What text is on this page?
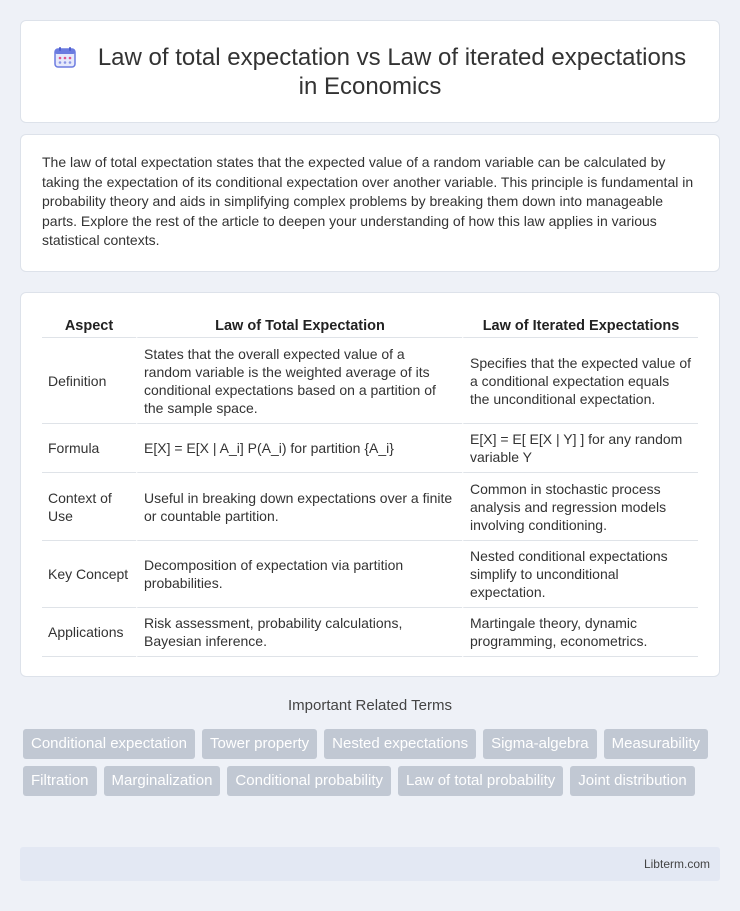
Law of total expectation vs Law of iterated expectations
in Economics

The law of total expectation states that the expected value of a random variable can be calculated by taking the expectation of its conditional expectation over another variable. This principle is fundamental in probability theory and aids in simplifying complex problems by breaking them down into manageable parts. Explore the rest of the article to deepen your understanding of how this law applies in various statistical contexts.

Aspect	Law of Total Expectation	Law of Iterated Expectations
Definition	States that the overall expected value of a random variable is the weighted average of its conditional expectations based on a partition of the sample space.	Specifies that the expected value of a conditional expectation equals the unconditional expectation.
Formula	E[X] = E[X | A_i] P(A_i) for partition {A_i}	E[X] = E[ E[X | Y] ] for any random variable Y
Context of Use	Useful in breaking down expectations over a finite or countable partition.	Common in stochastic process analysis and regression models involving conditioning.
Key Concept	Decomposition of expectation via partition probabilities.	Nested conditional expectations simplify to unconditional expectation.
Applications	Risk assessment, probability calculations, Bayesian inference.	Martingale theory, dynamic programming, econometrics.
Important Related Terms
Conditional expectation	Tower property	Nested expectations	Sigma-algebra	Measurability
Filtration	Marginalization	Conditional probability	Law of total probability	Joint distribution
Libterm.com
